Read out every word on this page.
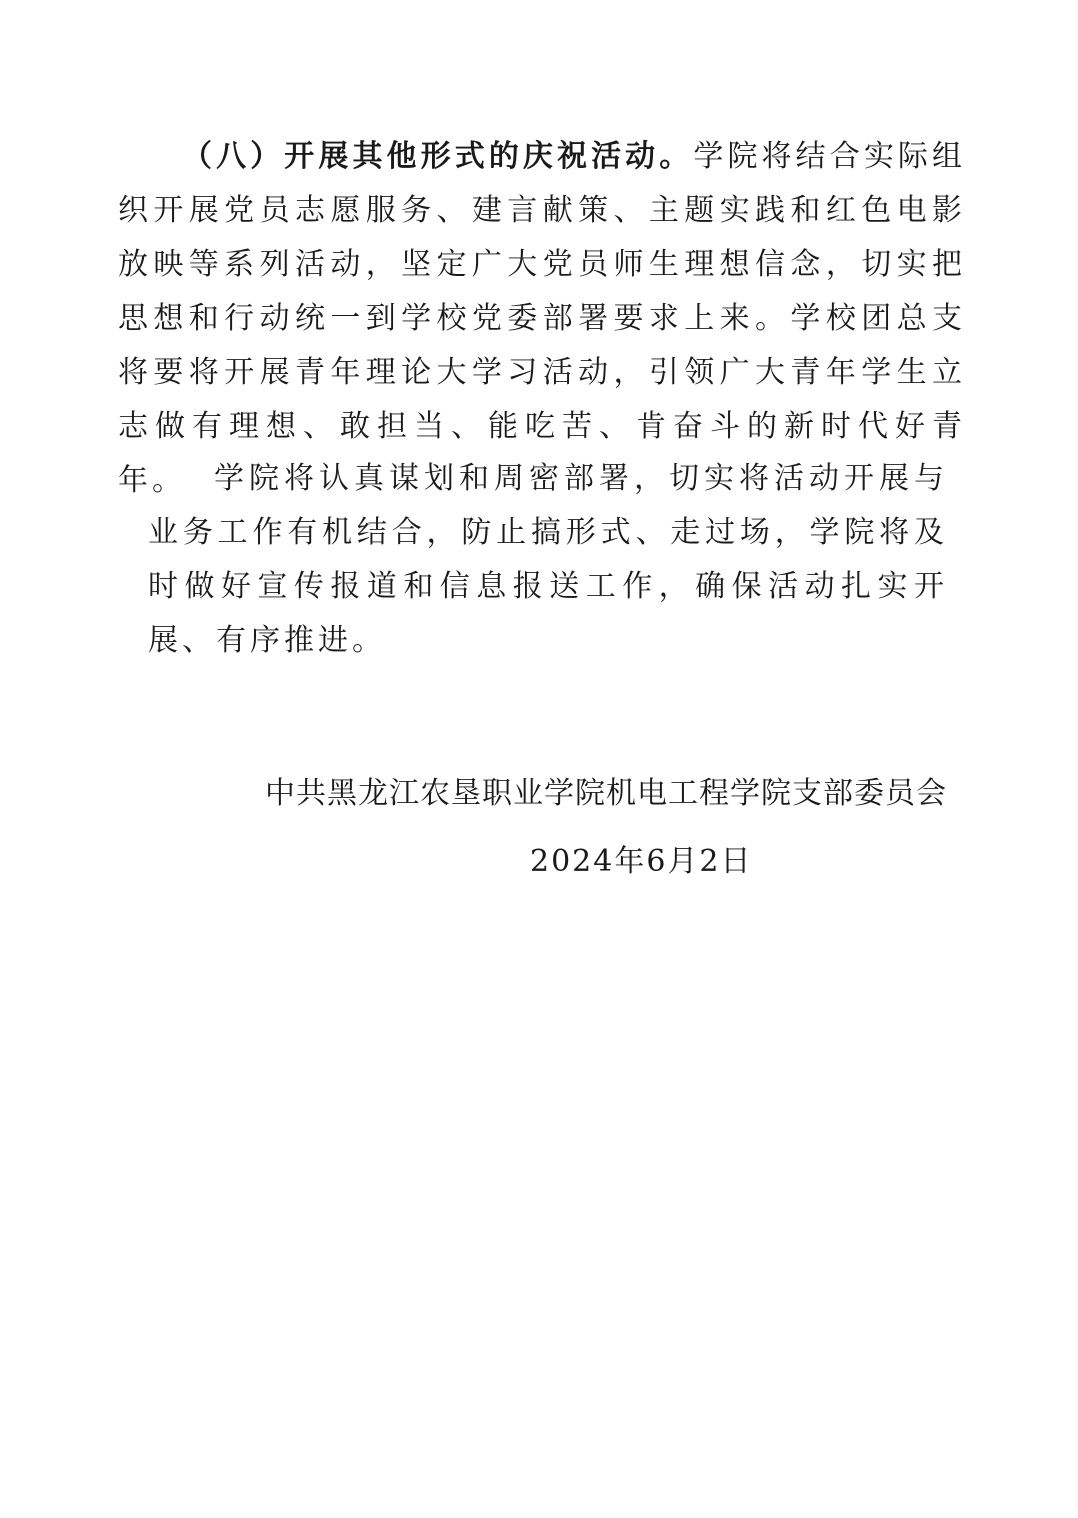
（八）开展其他形式的庆祝活动。学院将结合实际组织开展党员志愿服务、建言献策、主题实践和红色电影放映等系列活动，坚定广大党员师生理想信念，切实把思想和行动统一到学校党委部署要求上来。学校团总支将要将开展青年理论大学习活动，引领广大青年学生立志做有理想、敢担当、能吃苦、肯奋斗的新时代好青年。 学院将认真谋划和周密部署，切实将活动开展与业务工作有机结合，防止搞形式、走过场，学院将及时做好宣传报道和信息报送工作，确保活动扎实开展、有序推进。

中共黑龙江农垦职业学院机电工程学院支部委员会

2024年6月2日
